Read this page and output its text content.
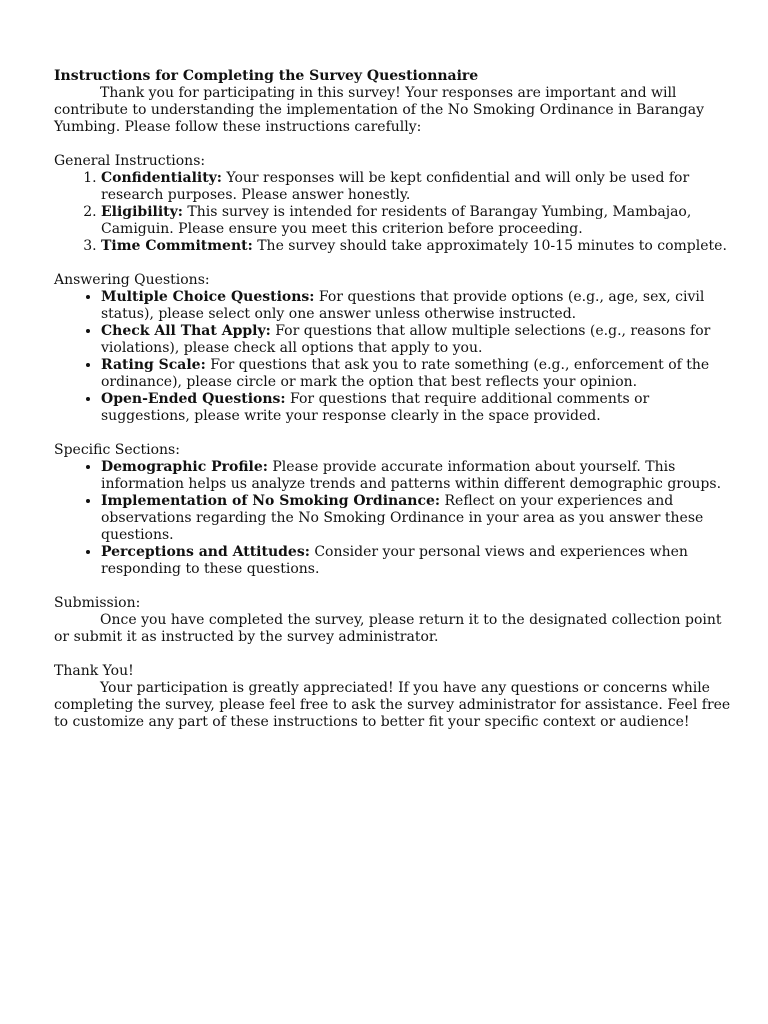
Instructions for Completing the Survey Questionnaire

Thank you for participating in this survey! Your responses are important and will contribute to understanding the implementation of the No Smoking Ordinance in Barangay Yumbing. Please follow these instructions carefully:

General Instructions:

1. Confidentiality: Your responses will be kept confidential and will only be used for research purposes. Please answer honestly.
2. Eligibility: This survey is intended for residents of Barangay Yumbing, Mambajao, Camiguin. Please ensure you meet this criterion before proceeding.
3. Time Commitment: The survey should take approximately 10-15 minutes to complete.

Answering Questions:

• Multiple Choice Questions: For questions that provide options (e.g., age, sex, civil status), please select only one answer unless otherwise instructed.
• Check All That Apply: For questions that allow multiple selections (e.g., reasons for violations), please check all options that apply to you.
• Rating Scale: For questions that ask you to rate something (e.g., enforcement of the ordinance), please circle or mark the option that best reflects your opinion.
• Open-Ended Questions: For questions that require additional comments or suggestions, please write your response clearly in the space provided.

Specific Sections:

• Demographic Profile: Please provide accurate information about yourself. This information helps us analyze trends and patterns within different demographic groups.
• Implementation of No Smoking Ordinance: Reflect on your experiences and observations regarding the No Smoking Ordinance in your area as you answer these questions.
• Perceptions and Attitudes: Consider your personal views and experiences when responding to these questions.

Submission:

Once you have completed the survey, please return it to the designated collection point or submit it as instructed by the survey administrator.

Thank You!

Your participation is greatly appreciated! If you have any questions or concerns while completing the survey, please feel free to ask the survey administrator for assistance. Feel free to customize any part of these instructions to better fit your specific context or audience!
